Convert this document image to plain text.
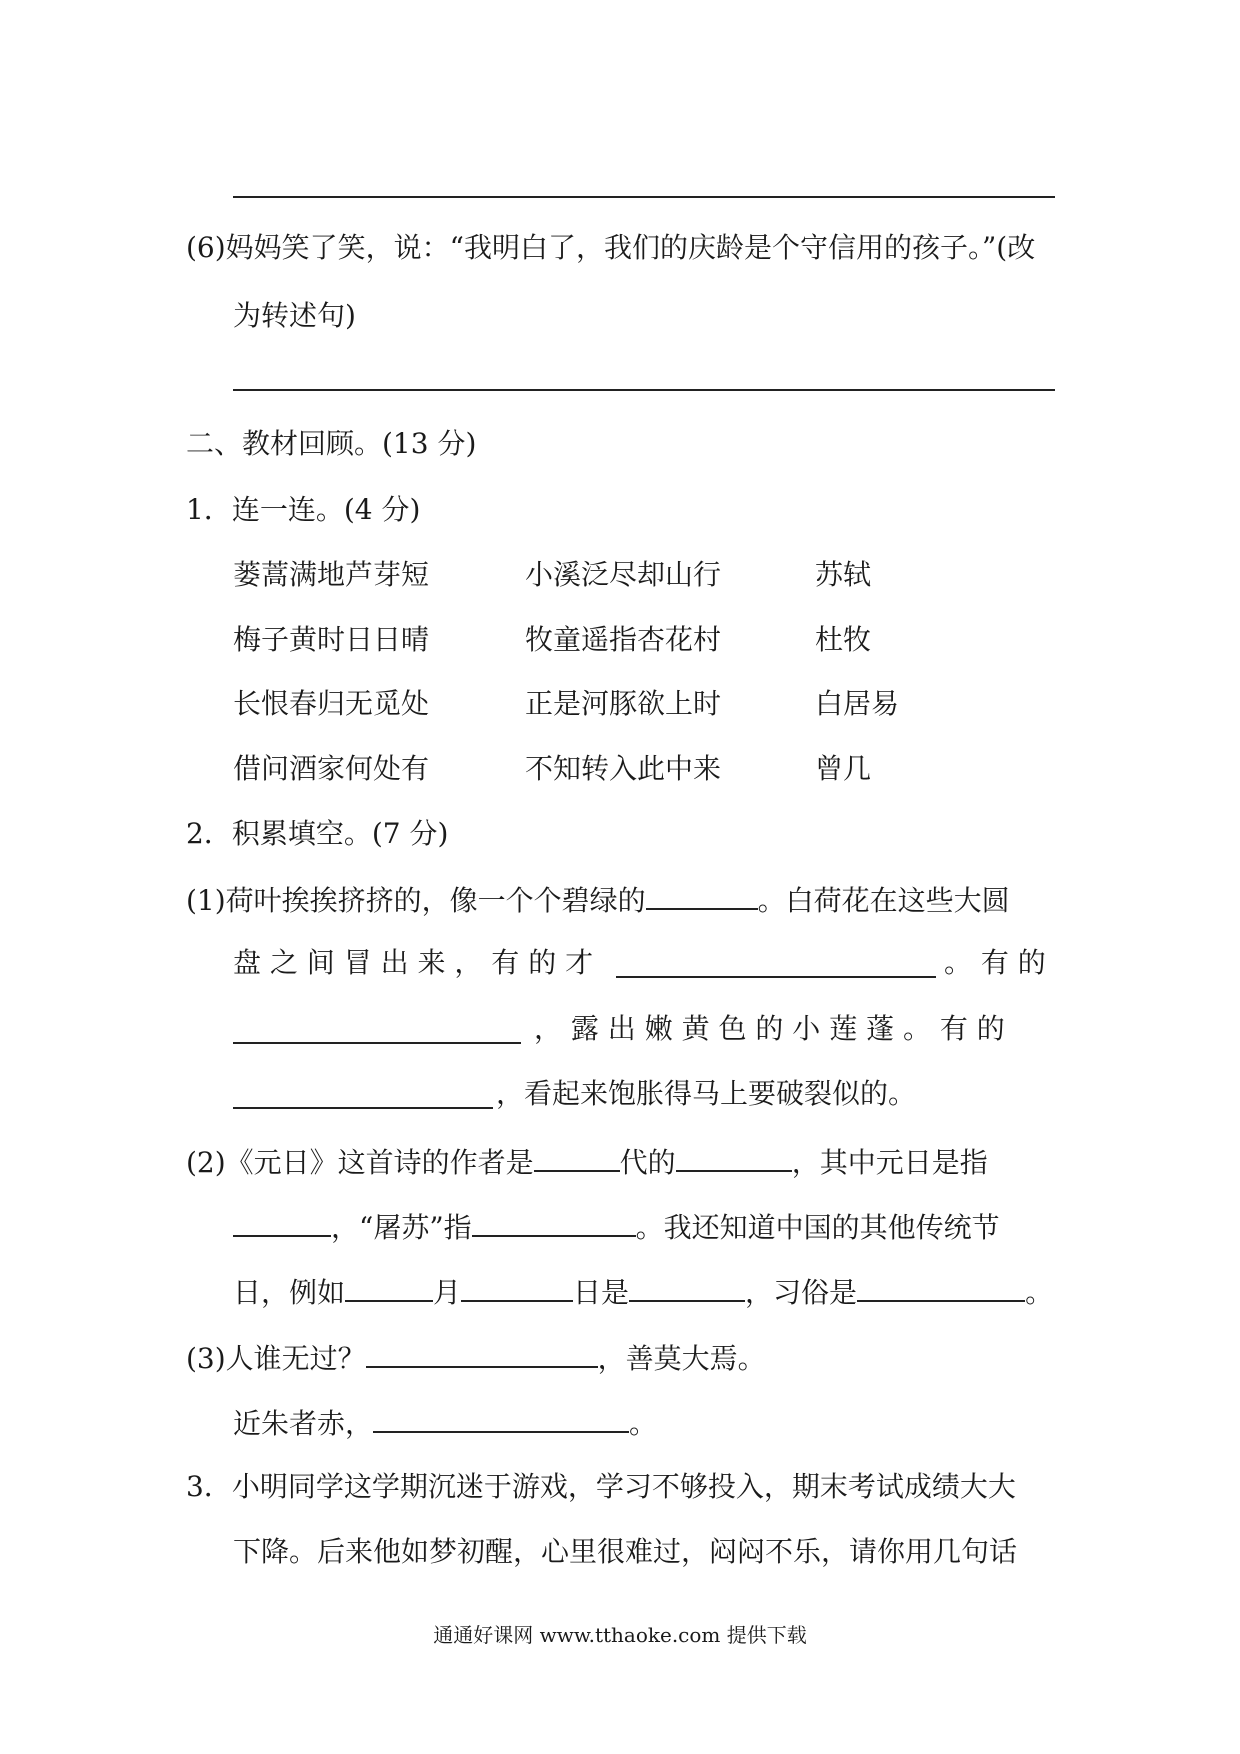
(6)妈妈笑了笑，说：“我明白了，我们的庆龄是个守信用的孩子。”(改
为转述句)
二、教材回顾。(13 分)
1．连一连。(4 分)
蒌蒿满地芦芽短	小溪泛尽却山行	苏轼
梅子黄时日日晴	牧童遥指杏花村	杜牧
长恨春归无觅处	正是河豚欲上时	白居易
借问酒家何处有	不知转入此中来	曾几
2．积累填空。(7 分)
(1)荷叶挨挨挤挤的，像一个个碧绿的	。白荷花在这些大圆
盘 之 间 冒 出 来 ， 有 的 才	。 有 的
， 露 出 嫩 黄 色 的 小 莲 蓬 。 有 的
，看起来饱胀得马上要破裂似的。
(2)《元日》这首诗的作者是	代的	，其中元日是指
，“屠苏”指	。我还知道中国的其他传统节
日，例如	月	日是	，习俗是	。
(3)人谁无过？	，善莫大焉。
近朱者赤，	。
3．小明同学这学期沉迷于游戏，学习不够投入，期末考试成绩大大
下降。后来他如梦初醒，心里很难过，闷闷不乐，请你用几句话
通通好课网 www.tthaoke.com 提供下载
